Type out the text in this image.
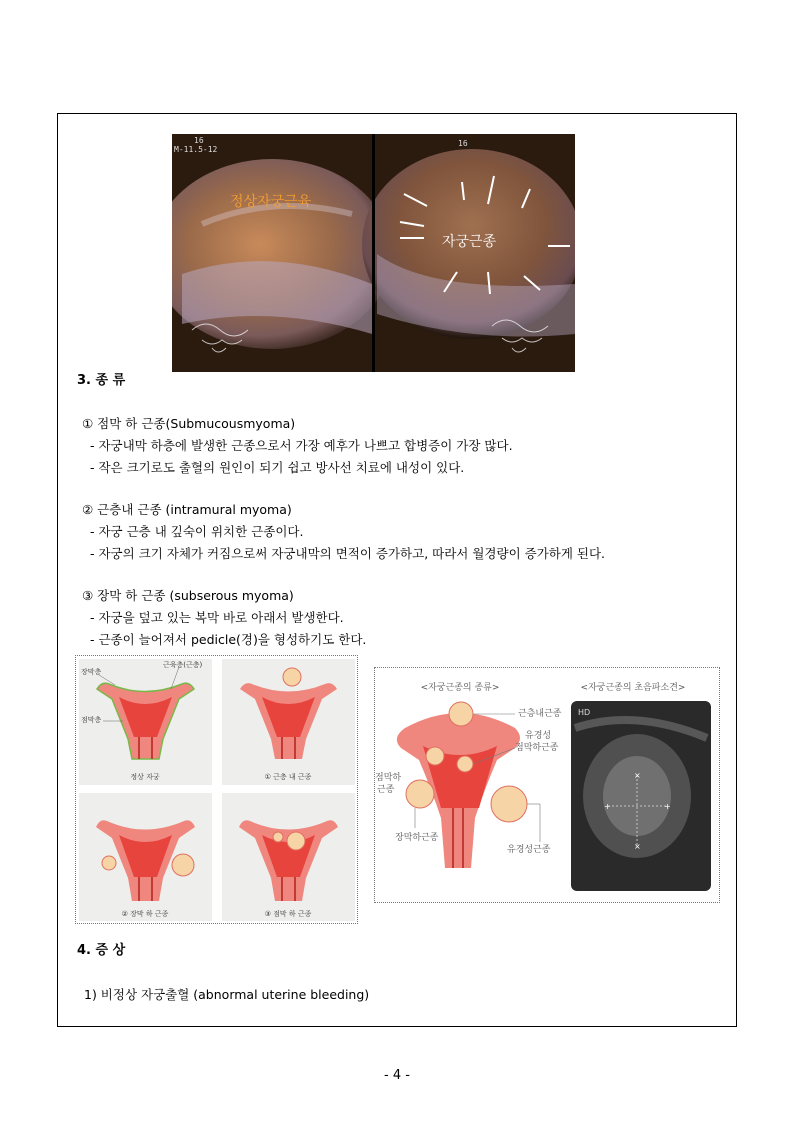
16
M-11.5-12
16
정상자궁근육
자궁근종
3. 종 류
① 점막 하 근종(Submucousmyoma)
- 자궁내막 하층에 발생한 근종으로서 가장 예후가 나쁘고 합병증이 가장 많다.
- 작은 크기로도 출혈의 원인이 되기 쉽고 방사선 치료에 내성이 있다.
② 근층내 근종 (intramural myoma)
- 자궁 근층 내 깊숙이 위치한 근종이다.
- 자궁의 크기 자체가 커짐으로써 자궁내막의 면적이 증가하고, 따라서 월경량이 증가하게 된다.
③ 장막 하 근종 (subserous myoma)
- 자궁을 덮고 있는 복막 바로 아래서 발생한다.
- 근종이 늘어져서 pedicle(경)을 형성하기도 한다.
장막층
근육층(근층)
점막층
정상 자궁	① 근층 내 근종
② 장막 하 근종	③ 점막 하 근종
<자궁근종의 종류>	<자궁근종의 초음파소견>
근층내근종
유경성
점막하근종
점막하
근종
장막하근종
유경성근종
HD
×
×
+	+
4. 증 상
1) 비정상 자궁출혈 (abnormal uterine bleeding)
- 4 -
